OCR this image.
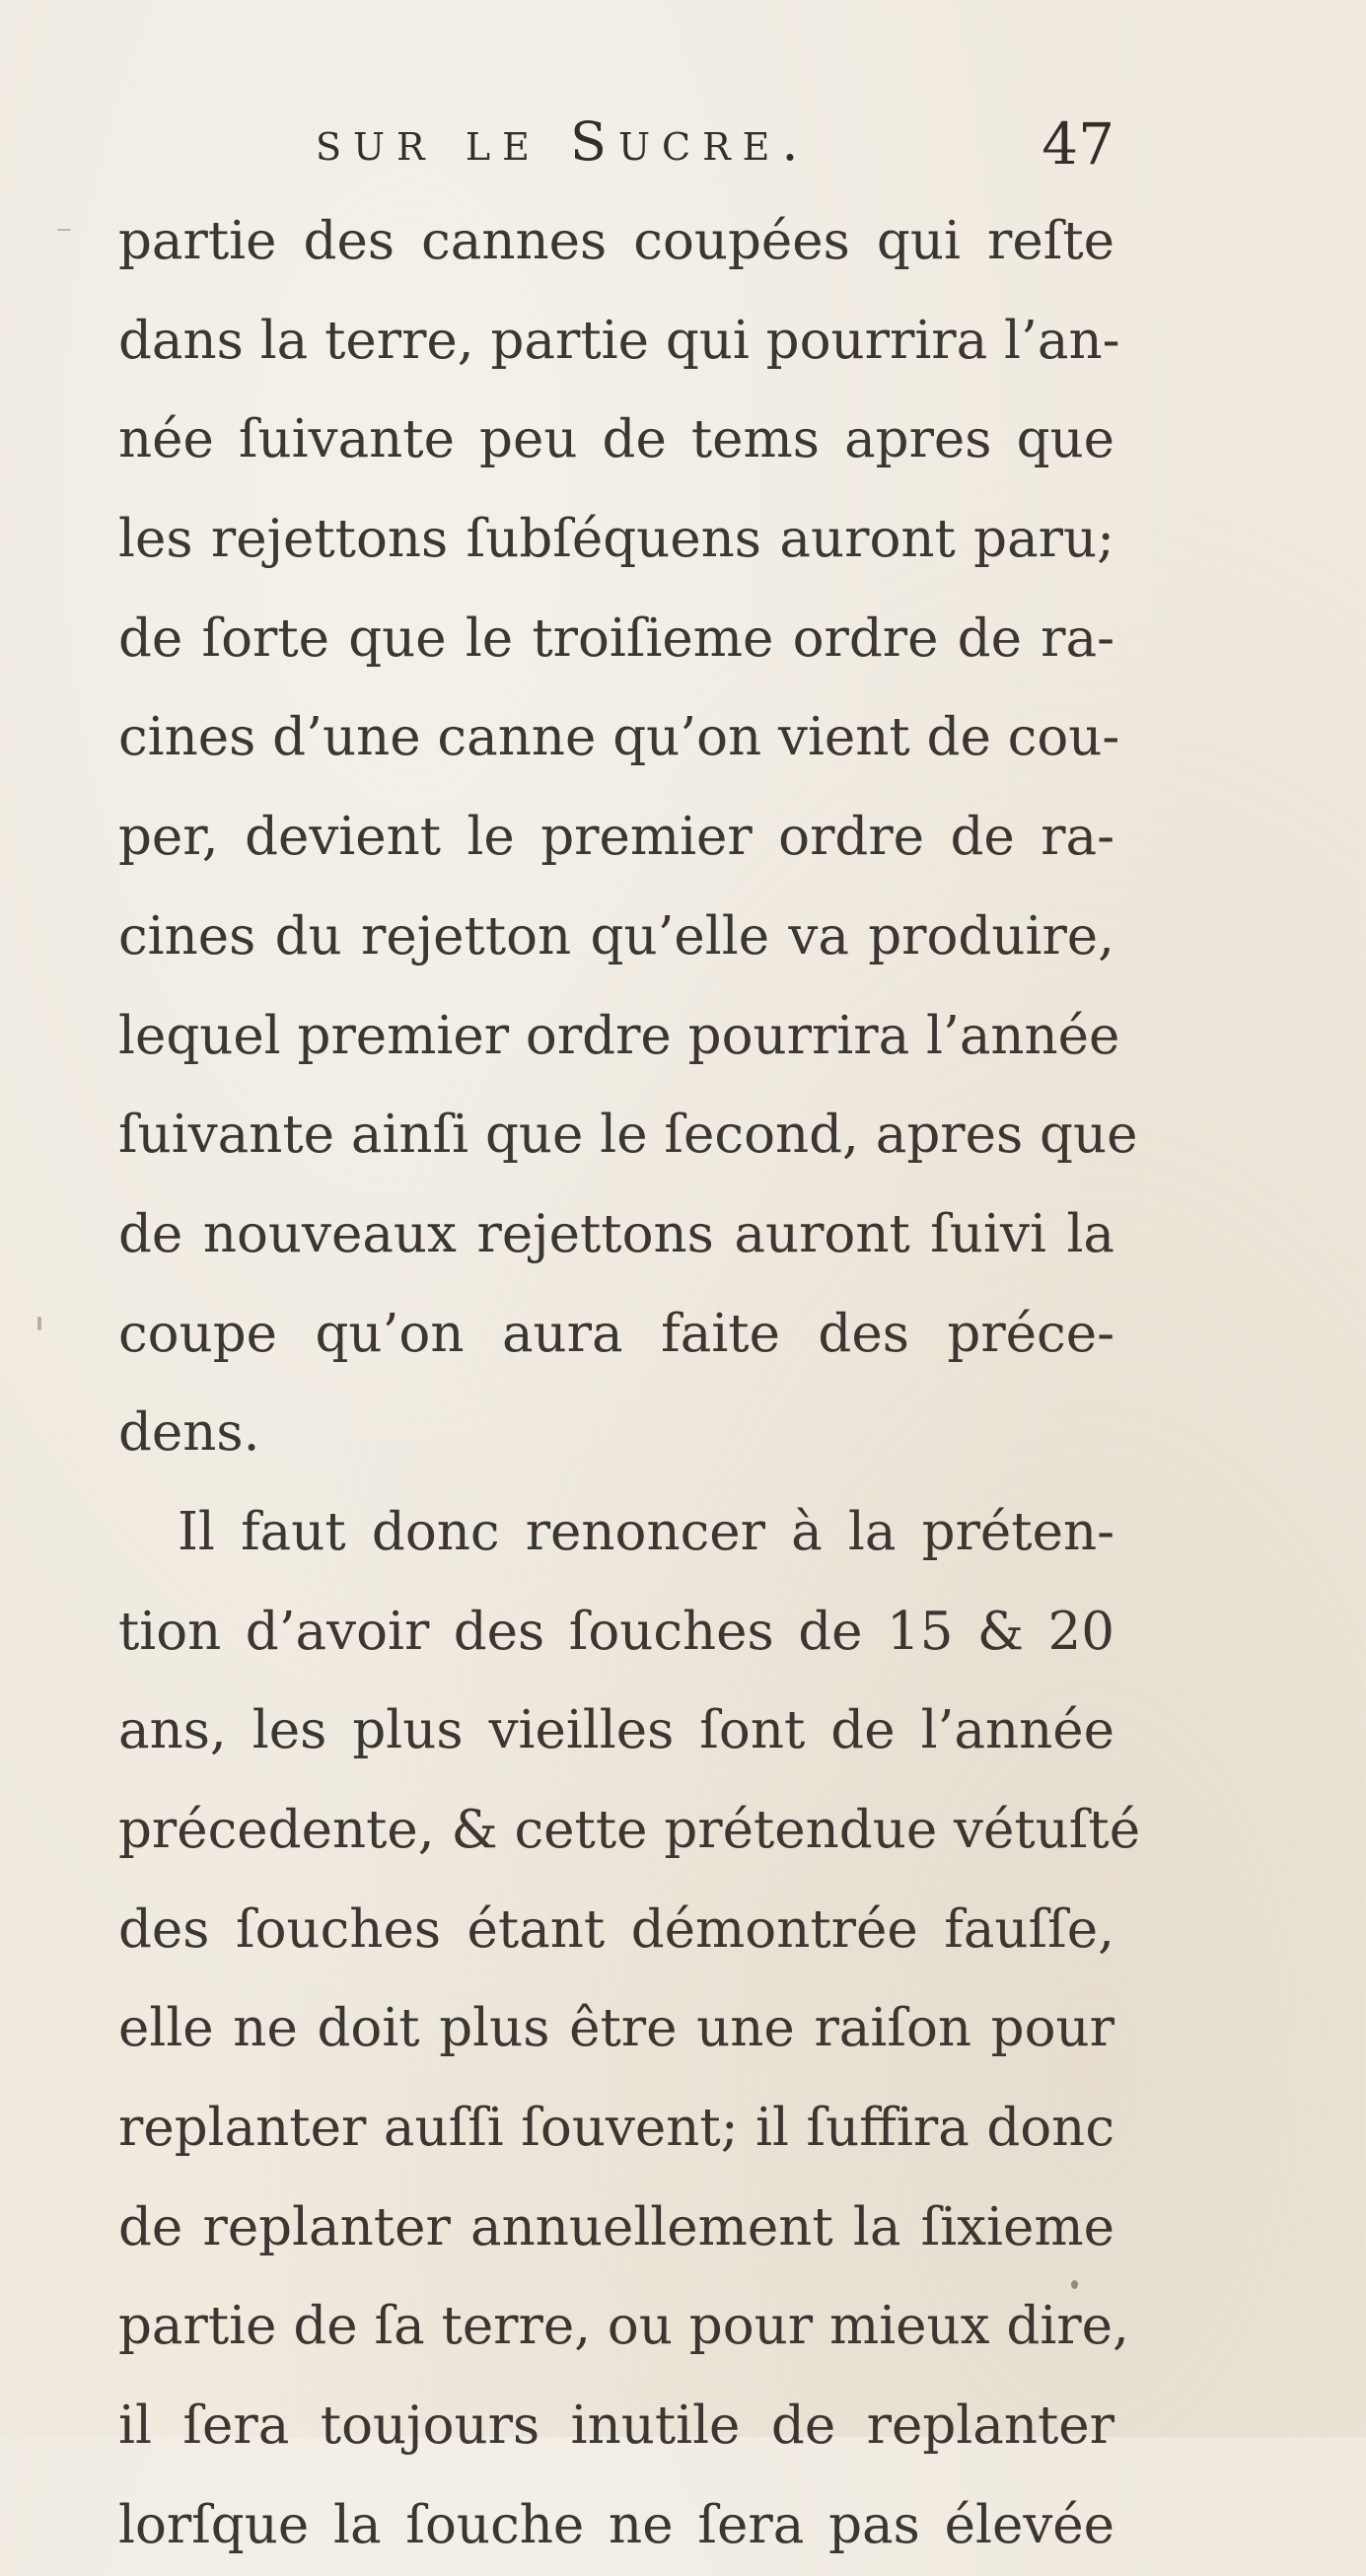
sur le Sucre.	47
partie des cannes coupées qui reſte
dans la terre, partie qui pourrira l’an-
née ſuivante peu de tems apres que
les rejettons ſubſéquens auront paru;
de ſorte que le troiſieme ordre de ra-
cines d’une canne qu’on vient de cou-
per, devient le premier ordre de ra-
cines du rejetton qu’elle va produire,
lequel premier ordre pourrira l’année
ſuivante ainſi que le ſecond, apres que
de nouveaux rejettons auront ſuivi la
coupe qu’on aura faite des préce-
dens.
Il faut donc renoncer à la préten-
tion d’avoir des ſouches de 15 & 20
ans, les plus vieilles ſont de l’année
précedente, & cette prétendue vétuſté
des ſouches étant démontrée fauſſe,
elle ne doit plus être une raiſon pour
replanter auſſi ſouvent; il ſuffira donc
de replanter annuellement la ſixieme
partie de ſa terre, ou pour mieux dire,
il ſera toujours inutile de replanter
lorſque la ſouche ne ſera pas élevée
